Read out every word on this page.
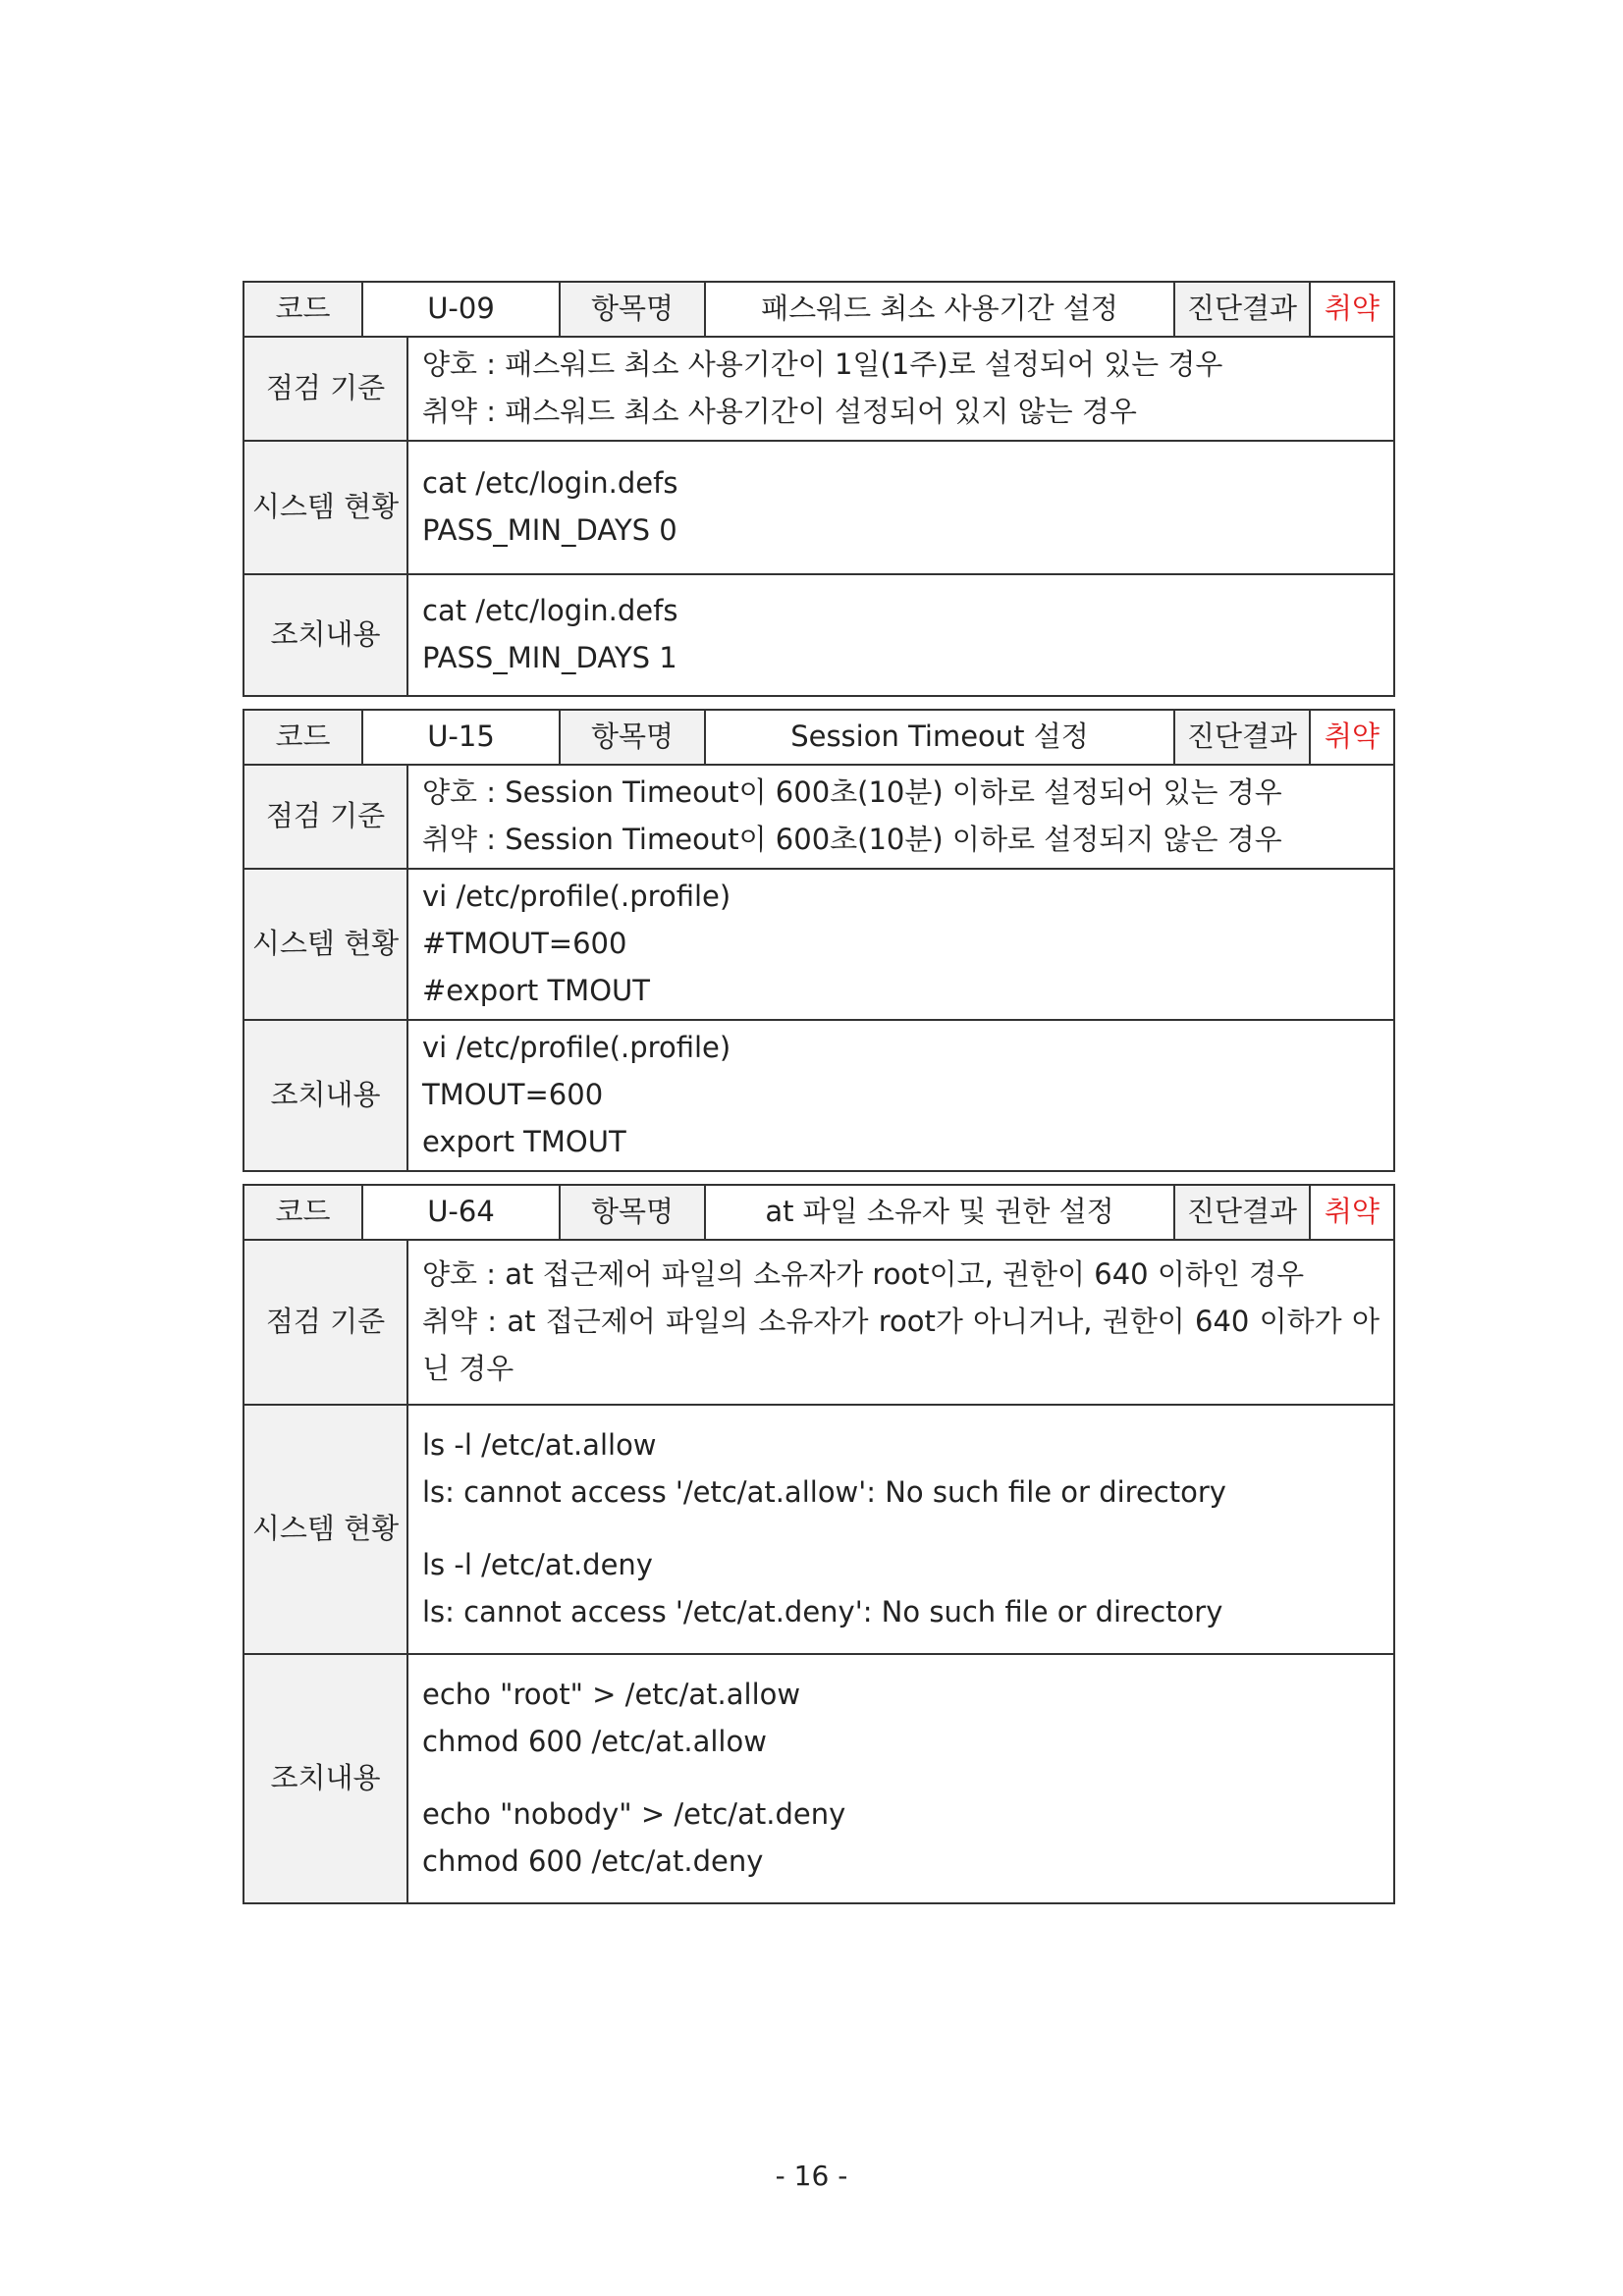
코드	U-09		항목명	패스워드 최소 사용기간 설정	진단결과	취약
점검 기준		양호 : 패스워드 최소 사용기간이 1일(1주)로 설정되어 있는 경우
취약 : 패스워드 최소 사용기간이 설정되어 있지 않는 경우				

시스템 현황		cat /etc/login.defs
PASS_MIN_DAYS 0				

조치내용		cat /etc/login.defs
PASS_MIN_DAYS 1				
코드	U-15		항목명	Session Timeout 설정	진단결과	취약
점검 기준		양호 : Session Timeout이 600초(10분) 이하로 설정되어 있는 경우
취약 : Session Timeout이 600초(10분) 이하로 설정되지 않은 경우				

시스템 현황		vi /etc/profile(.profile)
#TMOUT=600
#export TMOUT				

조치내용		vi /etc/profile(.profile)
TMOUT=600
export TMOUT				
코드	U-64		항목명	at 파일 소유자 및 권한 설정	진단결과	취약
점검 기준		양호 : at 접근제어 파일의 소유자가 root이고, 권한이 640 이하인 경우
취약 : at 접근제어 파일의 소유자가 root가 아니거나, 권한이 640 이하가 아닌 경우				

시스템 현황		ls -l /etc/at.allow
ls: cannot access '/etc/at.allow': No such file or directory
ls -l /etc/at.deny
ls: cannot access '/etc/at.deny': No such file or directory				

조치내용		echo "root" > /etc/at.allow
chmod 600 /etc/at.allow
echo "nobody" > /etc/at.deny
chmod 600 /etc/at.deny				
- 16 -
